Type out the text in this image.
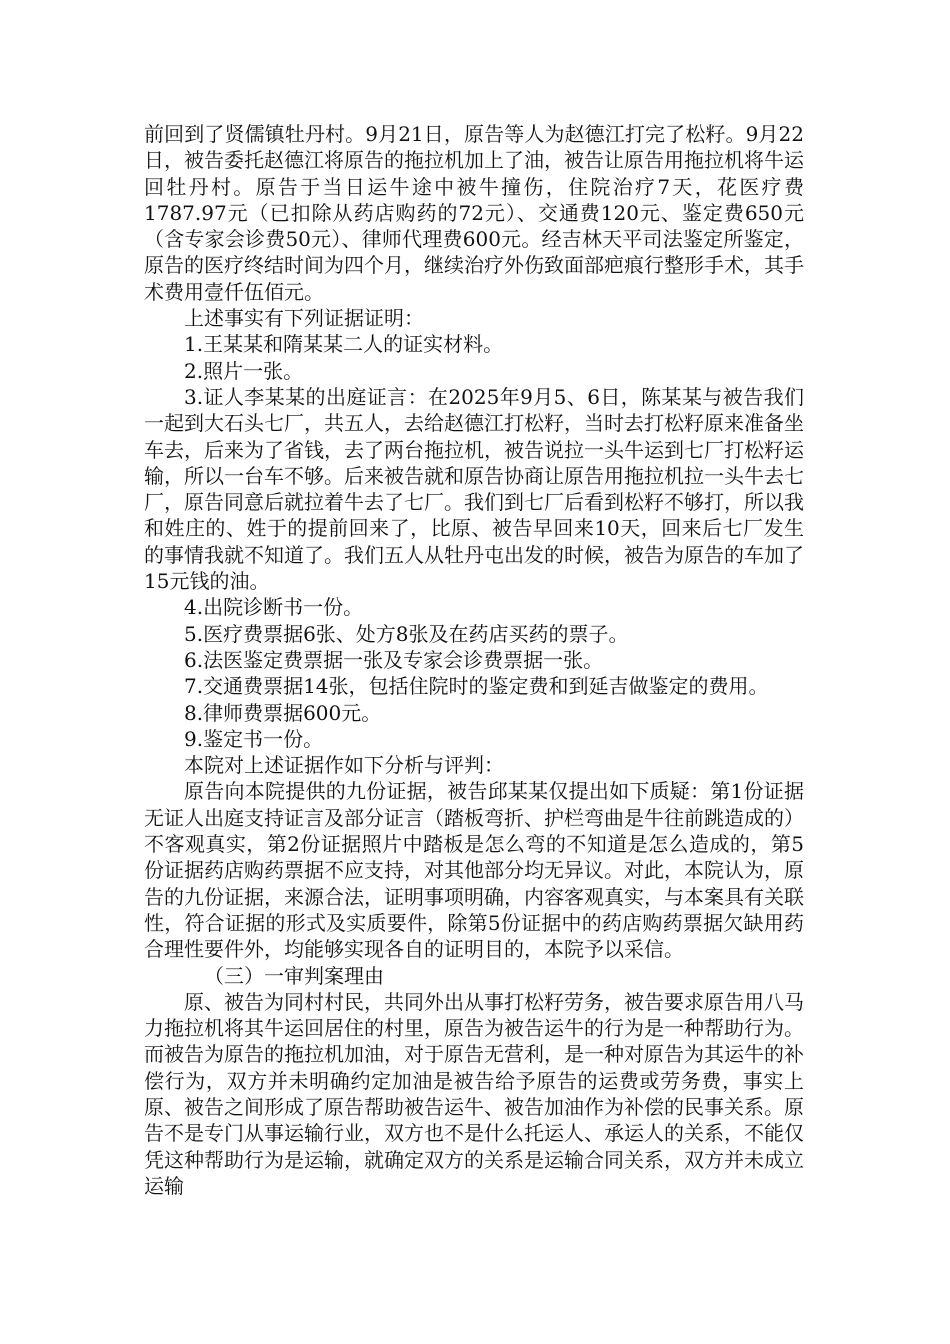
前回到了贤儒镇牡丹村。9月21日，原告等人为赵德江打完了松籽。9月22日，被告委托赵德江将原告的拖拉机加上了油，被告让原告用拖拉机将牛运回牡丹村。原告于当日运牛途中被牛撞伤，住院治疗7天，花医疗费1787.97元（已扣除从药店购药的72元）、交通费120元、鉴定费650元（含专家会诊费50元）、律师代理费600元。经吉林天平司法鉴定所鉴定，原告的医疗终结时间为四个月，继续治疗外伤致面部疤痕行整形手术，其手术费用壹仟伍佰元。

上述事实有下列证据证明：

1.王某某和隋某某二人的证实材料。

2.照片一张。

3.证人李某某的出庭证言：在2025年9月5、6日，陈某某与被告我们一起到大石头七厂，共五人，去给赵德江打松籽，当时去打松籽原来准备坐车去，后来为了省钱，去了两台拖拉机，被告说拉一头牛运到七厂打松籽运输，所以一台车不够。后来被告就和原告协商让原告用拖拉机拉一头牛去七厂，原告同意后就拉着牛去了七厂。我们到七厂后看到松籽不够打，所以我和姓庄的、姓于的提前回来了，比原、被告早回来10天，回来后七厂发生的事情我就不知道了。我们五人从牡丹屯出发的时候，被告为原告的车加了15元钱的油。

4.出院诊断书一份。

5.医疗费票据6张、处方8张及在药店买药的票子。

6.法医鉴定费票据一张及专家会诊费票据一张。

7.交通费票据14张，包括住院时的鉴定费和到延吉做鉴定的费用。

8.律师费票据600元。

9.鉴定书一份。

本院对上述证据作如下分析与评判：

原告向本院提供的九份证据，被告邱某某仅提出如下质疑：第1份证据无证人出庭支持证言及部分证言（踏板弯折、护栏弯曲是牛往前跳造成的）不客观真实，第2份证据照片中踏板是怎么弯的不知道是怎么造成的，第5份证据药店购药票据不应支持，对其他部分均无异议。对此，本院认为，原告的九份证据，来源合法，证明事项明确，内容客观真实，与本案具有关联性，符合证据的形式及实质要件，除第5份证据中的药店购药票据欠缺用药合理性要件外，均能够实现各自的证明目的，本院予以采信。

（三）一审判案理由

原、被告为同村村民，共同外出从事打松籽劳务，被告要求原告用八马力拖拉机将其牛运回居住的村里，原告为被告运牛的行为是一种帮助行为。而被告为原告的拖拉机加油，对于原告无营利，是一种对原告为其运牛的补偿行为，双方并未明确约定加油是被告给予原告的运费或劳务费，事实上原、被告之间形成了原告帮助被告运牛、被告加油作为补偿的民事关系。原告不是专门从事运输行业，双方也不是什么托运人、承运人的关系，不能仅凭这种帮助行为是运输，就确定双方的关系是运输合同关系，双方并未成立运输
